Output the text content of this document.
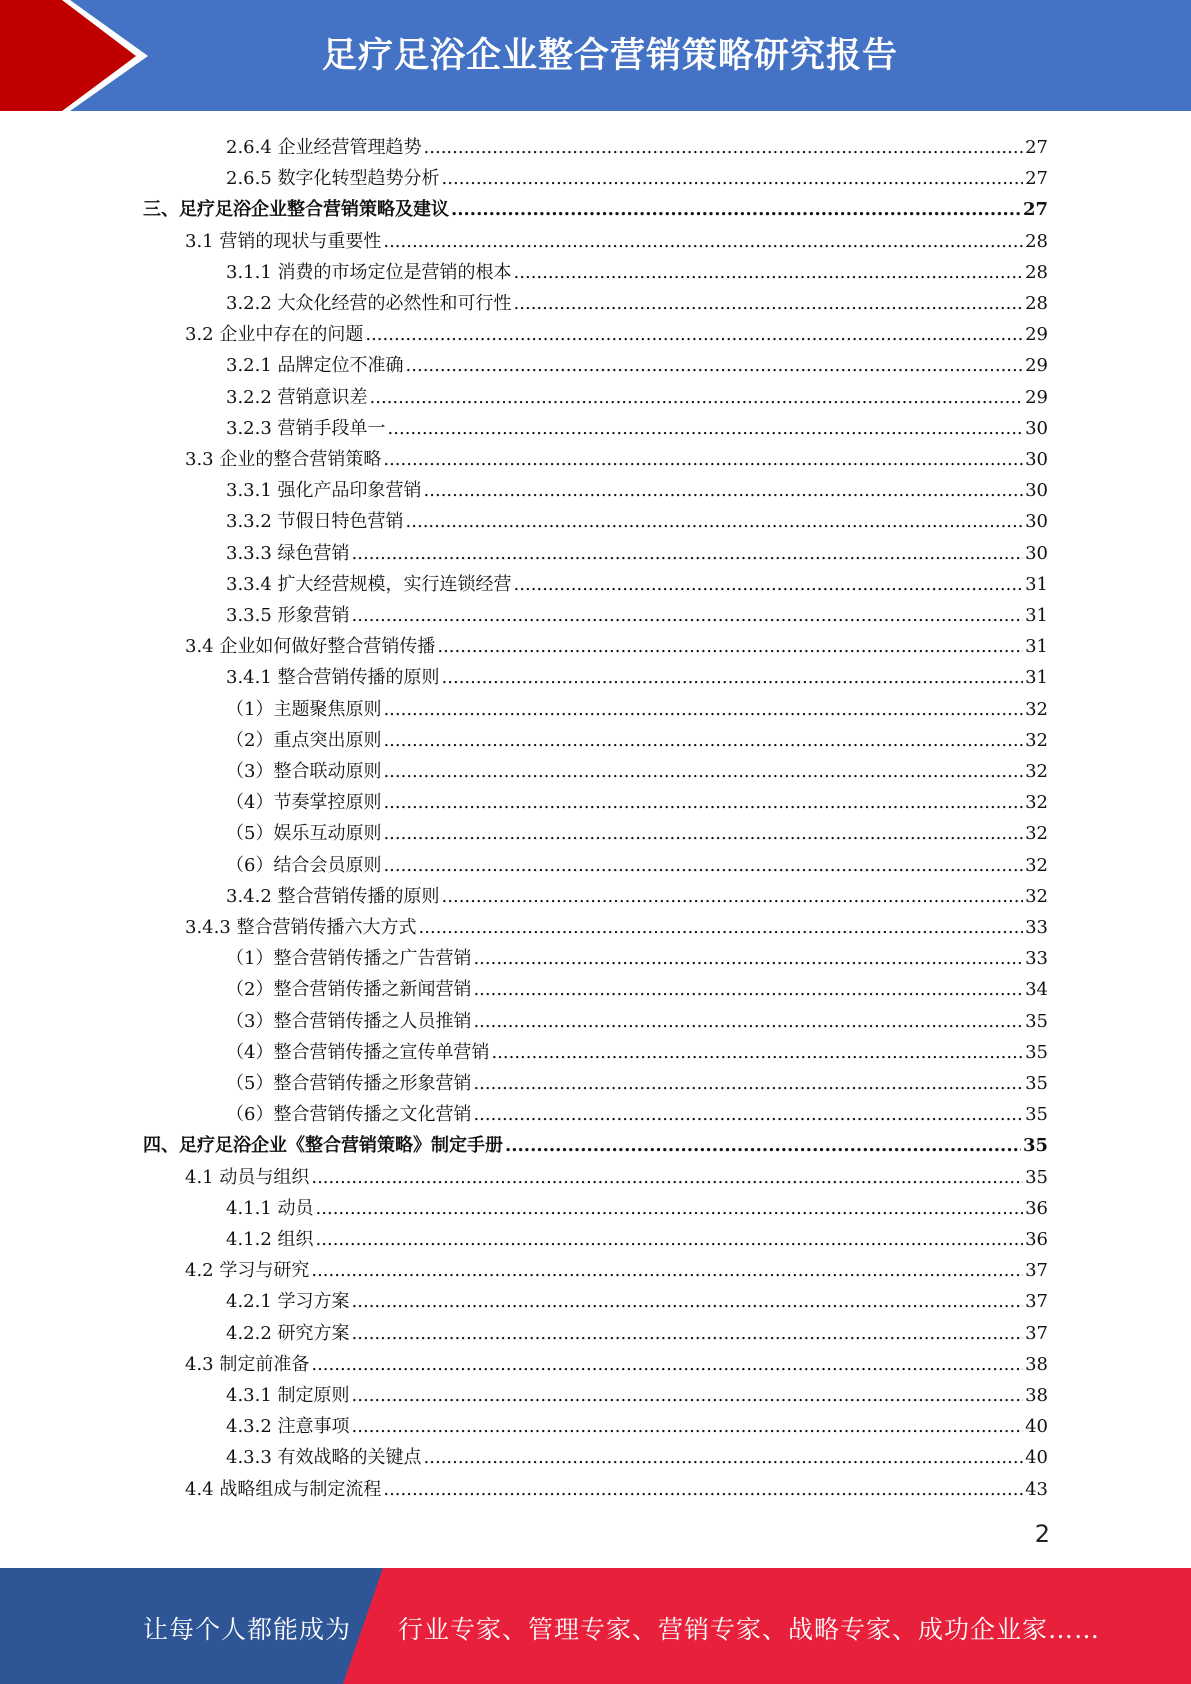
足疗足浴企业整合营销策略研究报告
2.6.4 企业经营管理趋势 .....	27
2.6.5 数字化转型趋势分析 .....	27
三、足疗足浴企业整合营销策略及建议 .....	27
3.1 营销的现状与重要性 .....	28
3.1.1 消费的市场定位是营销的根本 .....	28
3.2.2 大众化经营的必然性和可行性 .....	28
3.2 企业中存在的问题 .....	29
3.2.1 品牌定位不准确 .....	29
3.2.2 营销意识差 .....	29
3.2.3 营销手段单一 .....	30
3.3 企业的整合营销策略 .....	30
3.3.1 强化产品印象营销 .....	30
3.3.2 节假日特色营销 .....	30
3.3.3 绿色营销 .....	30
3.3.4 扩大经营规模，实行连锁经营 .....	31
3.3.5 形象营销 .....	31
3.4 企业如何做好整合营销传播 .....	31
3.4.1 整合营销传播的原则 .....	31
（1）主题聚焦原则 .....	32
（2）重点突出原则 .....	32
（3）整合联动原则 .....	32
（4）节奏掌控原则 .....	32
（5）娱乐互动原则 .....	32
（6）结合会员原则 .....	32
3.4.2 整合营销传播的原则 .....	32
3.4.3 整合营销传播六大方式 .....	33
（1）整合营销传播之广告营销 .....	33
（2）整合营销传播之新闻营销 .....	34
（3）整合营销传播之人员推销 .....	35
（4）整合营销传播之宣传单营销 .....	35
（5）整合营销传播之形象营销 .....	35
（6）整合营销传播之文化营销 .....	35
四、足疗足浴企业《整合营销策略》制定手册 .....	35
4.1 动员与组织 .....	35
4.1.1 动员 .....	36
4.1.2 组织 .....	36
4.2 学习与研究 .....	37
4.2.1 学习方案 .....	37
4.2.2 研究方案 .....	37
4.3 制定前准备 .....	38
4.3.1 制定原则 .....	38
4.3.2 注意事项 .....	40
4.3.3 有效战略的关键点 .....	40
4.4 战略组成与制定流程 .....	43
2
让每个人都能成为 行业专家、管理专家、营销专家、战略专家、成功企业家……
